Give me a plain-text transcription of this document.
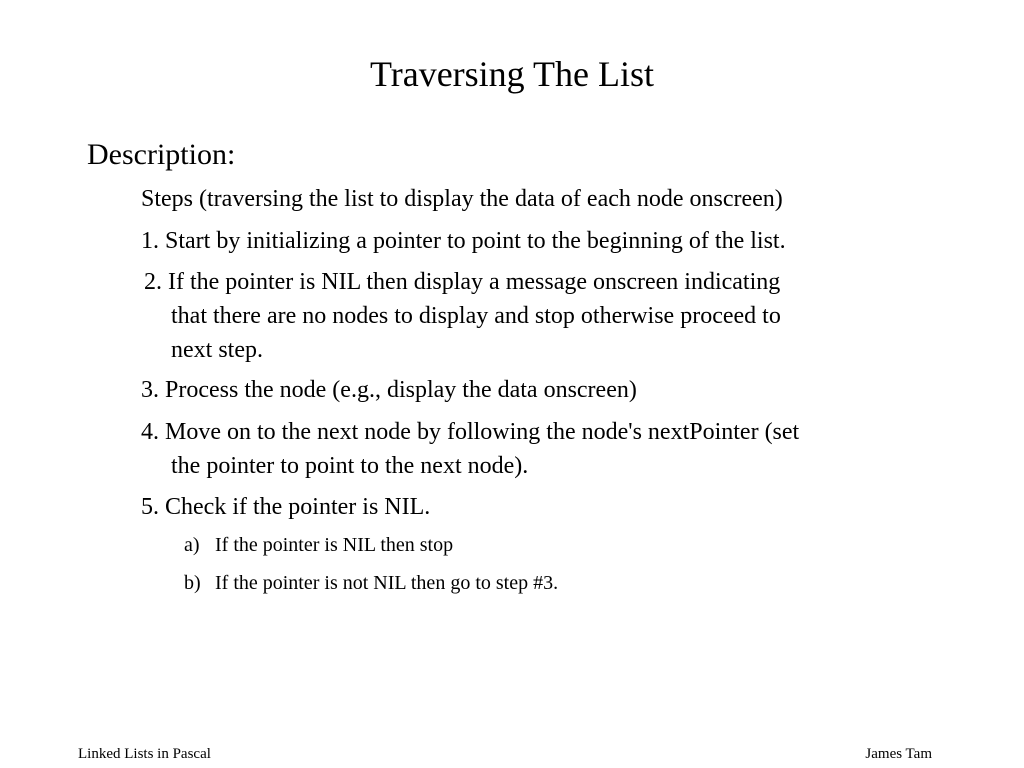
Traversing The List
Description:
Steps (traversing the list to display the data of each node onscreen)
1. Start by initializing a pointer to point to the beginning of the list.
2. If the pointer is NIL then display a message onscreen indicating
that there are no nodes to display and stop otherwise proceed to
next step.
3. Process the node (e.g., display the data onscreen)
4. Move on to the next node by following the node's nextPointer (set
the pointer to point to the next node).
5. Check if the pointer is NIL.
a) If the pointer is NIL then stop
b) If the pointer is not NIL then go to step #3.
Linked Lists in Pascal	James Tam
